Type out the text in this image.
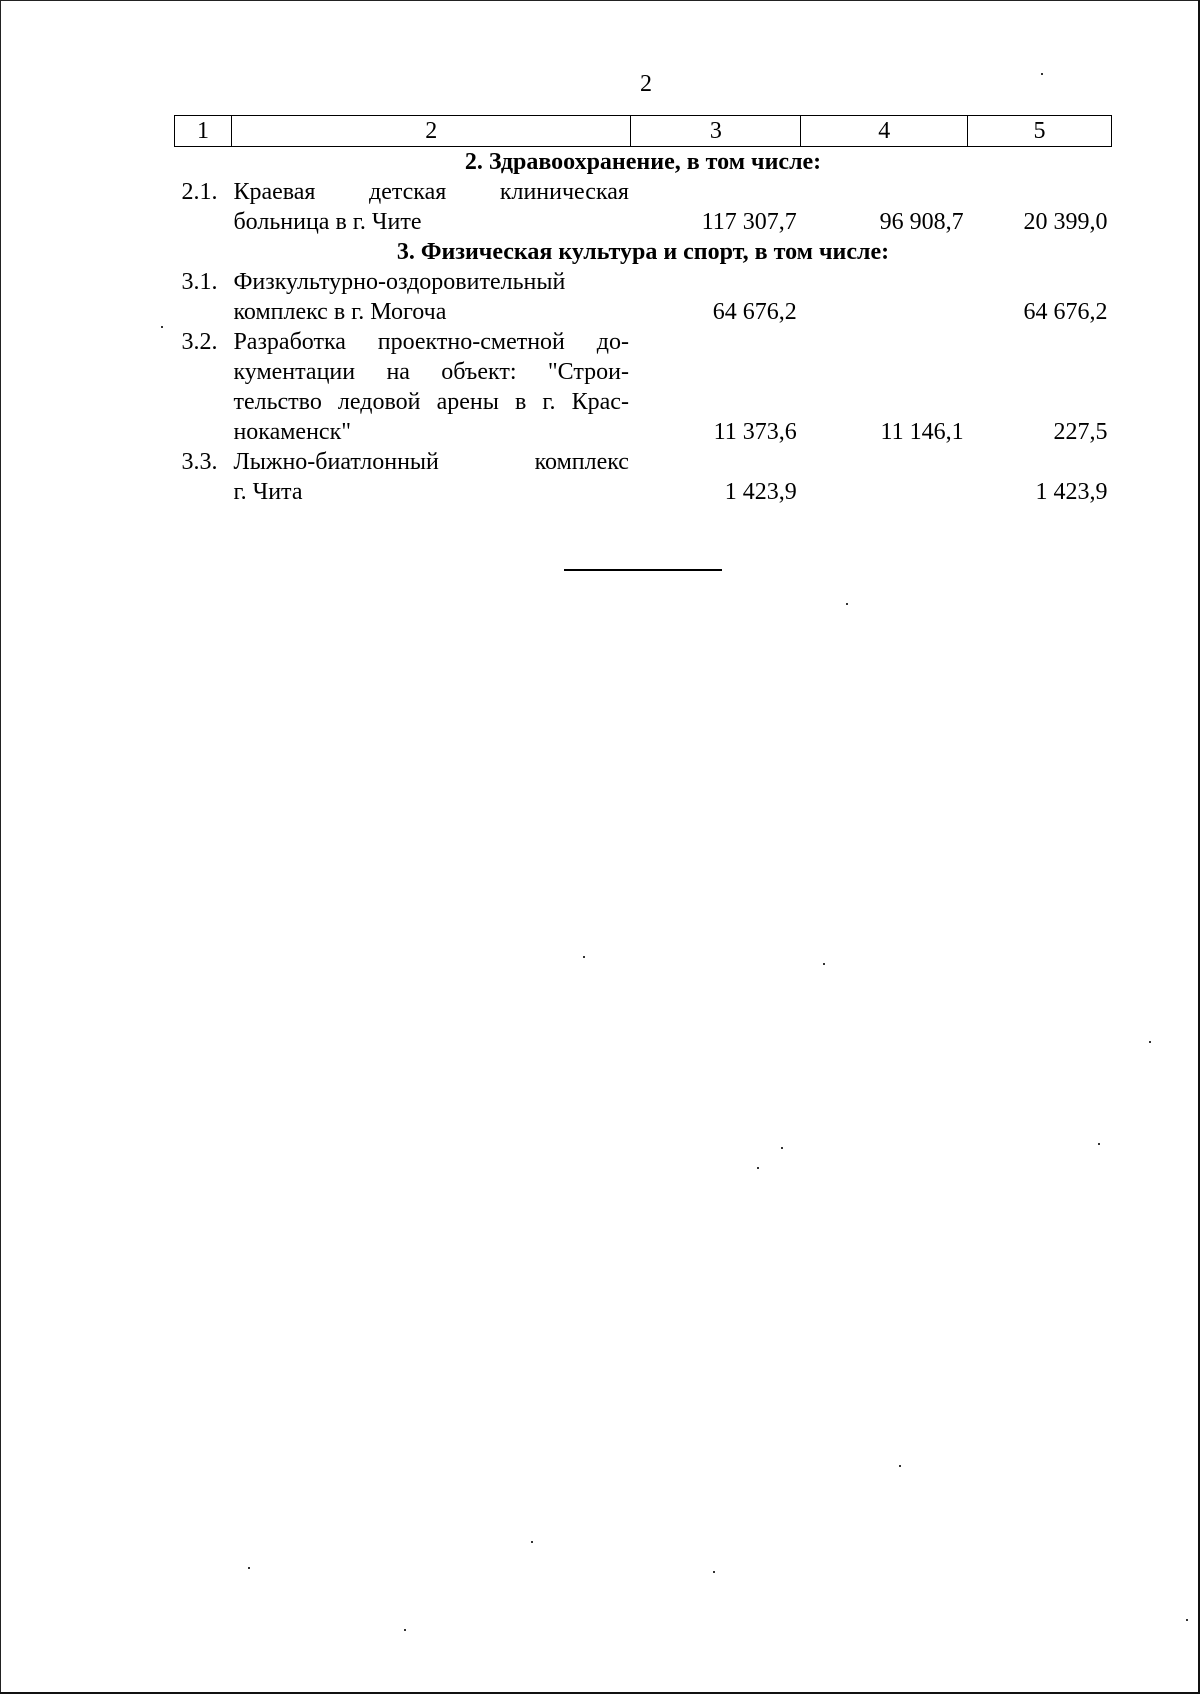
2
1	2	3	4	5
2. Здравоохранение, в том числе:				
2.1.	Краевая детская клиническая
больница в г. Чите	117 307,7	96 908,7	20 399,0
3. Физическая культура и спорт, в том числе:				
3.1.	Физкультурно-оздоровительный
комплекс в г. Могоча	64 676,2		64 676,2
3.2.	Разработка проектно-сметной до-
кументации на объект: "Строи-
тельство ледовой арены в г. Крас-
нокаменск"	11 373,6	11 146,1	227,5
3.3.	Лыжно-биатлонный комплекс
г. Чита	1 423,9		1 423,9
